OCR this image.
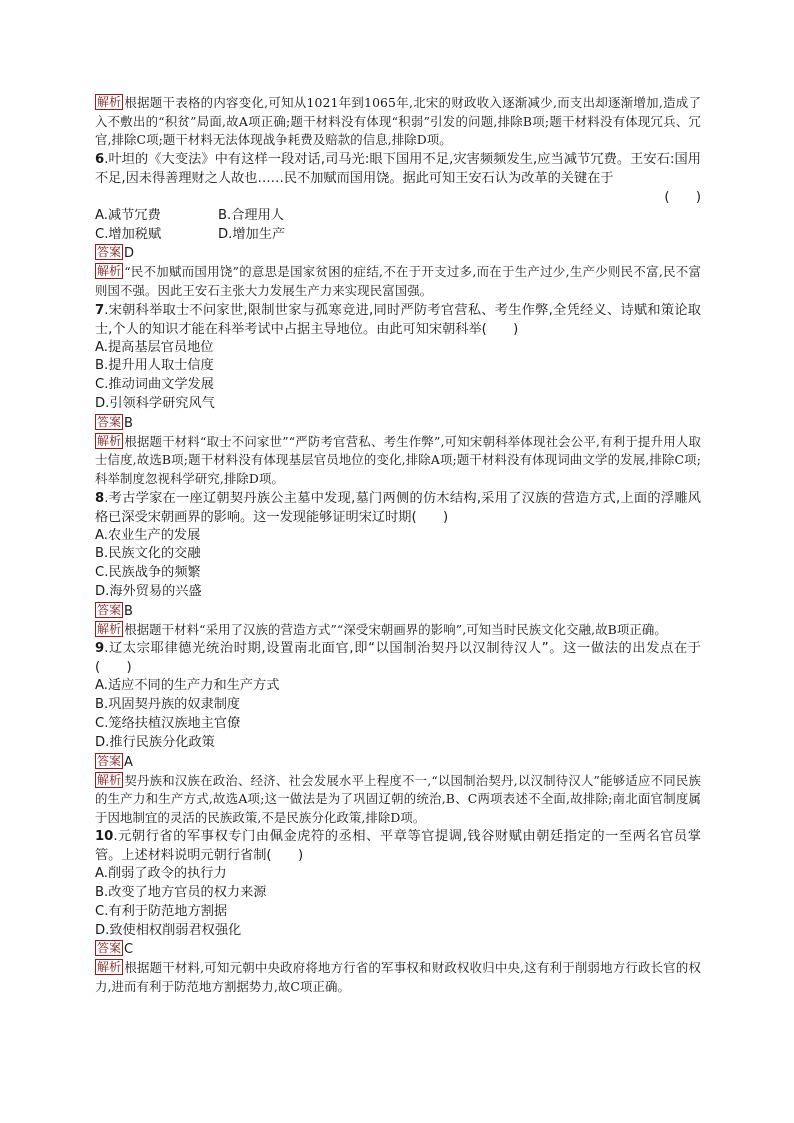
解析 根据题干表格的内容变化,可知从1021年到1065年,北宋的财政收入逐渐减少,而支出却逐渐增加,造成了入不敷出的“积贫”局面,故A项正确;题干材料没有体现“积弱”引发的问题,排除B项;题干材料没有体现冗兵、冗官,排除C项;题干材料无法体现战争耗费及赔款的信息,排除D项。

6.叶坦的《大变法》中有这样一段对话,司马光:眼下国用不足,灾害频频发生,应当减节冗费。王安石:国用不足,因未得善理财之人故也……民不加赋而国用饶。据此可知王安石认为改革的关键在于

(　　)

A.减节冗费	B.合理用人
C.增加税赋	D.增加生产

答案 D

解析 “民不加赋而国用饶”的意思是国家贫困的症结,不在于开支过多,而在于生产过少,生产少则民不富,民不富则国不强。因此王安石主张大力发展生产力来实现民富国强。

7.宋朝科举取士不问家世,限制世家与孤寒竞进,同时严防考官营私、考生作弊,全凭经义、诗赋和策论取士,个人的知识才能在科举考试中占据主导地位。由此可知宋朝科举(　　)

A.提高基层官员地位

B.提升用人取士信度

C.推动词曲文学发展

D.引领科学研究风气

答案 B

解析 根据题干材料“取士不问家世”“严防考官营私、考生作弊”,可知宋朝科举体现社会公平,有利于提升用人取士信度,故选B项;题干材料没有体现基层官员地位的变化,排除A项;题干材料没有体现词曲文学的发展,排除C项;科举制度忽视科学研究,排除D项。

8.考古学家在一座辽朝契丹族公主墓中发现,墓门两侧的仿木结构,采用了汉族的营造方式,上面的浮雕风格已深受宋朝画界的影响。这一发现能够证明宋辽时期(　　)

A.农业生产的发展

B.民族文化的交融

C.民族战争的频繁

D.海外贸易的兴盛

答案 B

解析 根据题干材料“采用了汉族的营造方式”“深受宋朝画界的影响”,可知当时民族文化交融,故B项正确。

9.辽太宗耶律德光统治时期,设置南北面官,即“以国制治契丹以汉制待汉人”。这一做法的出发点在于(　　)

A.适应不同的生产力和生产方式

B.巩固契丹族的奴隶制度

C.笼络扶植汉族地主官僚

D.推行民族分化政策

答案 A

解析 契丹族和汉族在政治、经济、社会发展水平上程度不一,“以国制治契丹,以汉制待汉人”能够适应不同民族的生产力和生产方式,故选A项;这一做法是为了巩固辽朝的统治,B、C两项表述不全面,故排除;南北面官制度属于因地制宜的灵活的民族政策,不是民族分化政策,排除D项。

10.元朝行省的军事权专门由佩金虎符的丞相、平章等官提调,钱谷财赋由朝廷指定的一至两名官员掌管。上述材料说明元朝行省制(　　)

A.削弱了政令的执行力

B.改变了地方官员的权力来源

C.有利于防范地方割据

D.致使相权削弱君权强化

答案 C

解析 根据题干材料,可知元朝中央政府将地方行省的军事权和财政权收归中央,这有利于削弱地方行政长官的权力,进而有利于防范地方割据势力,故C项正确。
